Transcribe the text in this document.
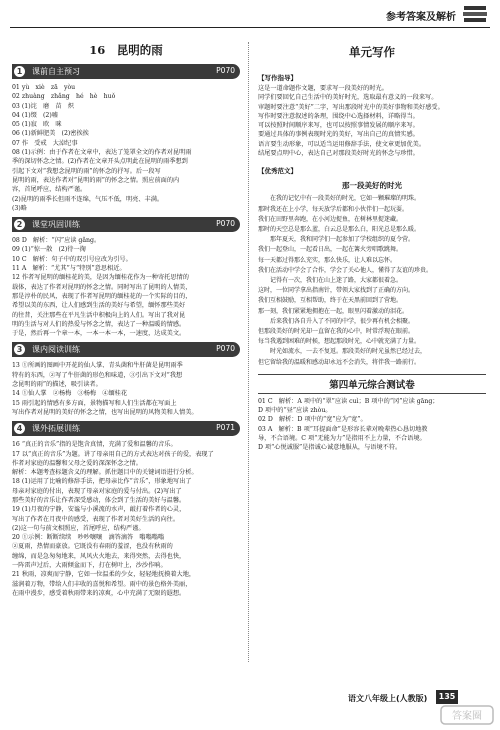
参考答案及解析
16　昆明的雨
1	课前自主预习	P070

01 yù　xiè　zā　yòu

02 zhuàng　zhǎng　hé　hè　huǒ

03 (1)诧　磨　苗　炽

04 (1)缀　(2)嘘

05 (1)寂　欧　咪

06 (1)新鲜肥美　(2)密挨挨

07 作　受戒　大淖纪事

08 (1)示例：由于作者在文章中，表达了笼罩全文的作者对昆明雨

季的深切怀念之情。(2)作者在文章开头点明此在昆明的雨季想到

引起下文对“我想念昆明的雨”的怀念的抒写。后一段写

昆明的雨，表达作者对“昆明的雨”的怀念之情。照应前面的内

容，首尾呼应，结构严谨。

(2)昆明的雨季长但雨不连绵，气压不低，明亮、丰满。

(3)略

2	课堂巩固训练	P070

08 D　解析：“闪”应读 gǎng。

09 (1)“惊一散　(2)待一掬

10 C　解析：句子中的双引号应改为引号。

11 A　解析：“尤其”与“特别”意思相近。

12 作者写昆明的缅桂花的美，是因为缅桂花作为一种寄托思情的

载体，表达了作者对昆明的怀念之情。同时写出了昆明的人情美，

那是淳朴的民风，表现了作者写昆明的缅桂花的一个实际的目的，

希望以美的东西，让人们感到生活的美好与希望，缅怀那些美好

的往昔，关注那些在平凡生活中积极向上的人们。写出了我对昆

明的生活与对人们的热爱与怀念之情，表达了一种温暖的情感。

于是，然后再一个章一本，一本一本一本，一速度，达成美文。

3	课内阅读训练	P070

13 ①所画的图画中开花的仙人掌、青头菌和牛肝菌是昆明雨季

特有的东西，②写了牛肝菌的形色和味道，③引出下文对“我想

念昆明的雨”的描述，吸引读者。

14 ①仙人掌　②杨梅　③杨梅　④缅桂花

15 雨引起的情感有多方面，景物描写和人们生活都在写面上

写出作者对昆明的美好的怀念之情，也写出昆明的风物美和人情美。

4	课外拓展训练	P071

16 “真正的音乐”指的是饱含真情，充满了爱和温馨的音乐。

17 以“真正的音乐”为题。讲了母亲用自己的方式表达对孩子的爱，表现了

作者对家庭的温馨和父母之爱的深深怀念之情。

解析：本题考查标题含义的理解。抓住题目中的关键词语进行分析。

18 (1)运用了比喻的修辞手法，把母亲比作“音乐”，形象地写出了

母亲对家庭的付出，表现了母亲对家庭的爱与付出。(2)写出了

那些美好的音乐让作者深受感动，体会到了生活的美好与温馨。

19 (1)月夜的宁静，安谧与小溪流的水声，敲打着作者的心灵，

写出了作者在月夜中的感受，表现了作者对美好生活的向往。

(2)这一句与前文相照应，首尾呼应，结构严谨。

20 ①示例：断断续续　吵吵嚷嚷　滴答滴答　嗡嗡嗡嗡

②夏雨，热情而豪放。它既没有春雨的羞涩，也没有秋雨的

缠绵，而是急匆匆地来，风风火火地去，来得突然，去得也快，

一阵雷声过后，大雨倾盆而下，打在树叶上，沙沙作响。

21 秋雨，凉爽而宁静，它如一位温柔的少女，轻轻地抚摸着大地，

滋润着万物，带给人们丰收的喜悦和希望。雨中的景色格外美丽，

在雨中漫步，感受着秋雨带来的凉爽，心中充满了无限的遐想。

单元写作
【写作指导】

这是一道命题作文题，要求写一段美好的时光。

同学们要回忆自己生活中的美好时光，选取最有意义的一段来写。

审题时要注意“美好”二字，写出那段时光中的美好事物和美好感受。

写作时要注意叙述的条理，围绕中心选择材料，详略得当。

可以按照时间顺序来写，也可以按照事情发展的顺序来写。

要通过具体的事例表现时光的美好，写出自己的真情实感。

语言要生动形象，可以适当运用修辞手法，使文章更加优美。

结尾要点明中心，表达自己对那段美好时光的怀念与珍惜。

【优秀范文】
那一段美好的时光

　　在我的记忆中有一段美好的时光，它如一颗璀璨的明珠。

那时我还在上小学，每天放学后都和小伙伴们一起玩耍。

我们在田野里奔跑，在小河边捉鱼，在树林里捉迷藏。

那时的天空总是那么蓝，白云总是那么白，阳光总是那么暖。

　　那年夏天，我和同学们一起参加了学校组织的夏令营。

我们一起登山，一起看日出，一起在篝火旁唱歌跳舞。

每一天都过得那么充实，那么快乐，让人难以忘怀。

我们在活动中学会了合作，学会了关心他人，懂得了友谊的珍贵。

　　记得有一次，我们在山上迷了路，大家都很着急。

这时，一位同学拿出指南针，带领大家找到了正确的方向。

我们互相鼓励，互相帮助，终于在天黑前回到了营地。

那一刻，我们紧紧地拥抱在一起，眼里闪着激动的泪花。

　　后来我们各自升入了不同的中学，很少再有机会相聚。

但那段美好的时光却一直留在我的心中，时常浮现在眼前。

每当我遇到困难的时候，想起那段时光，心中就充满了力量。

　　时光如流水，一去不复返。那段美好的时光虽然已经过去，

但它留给我的温暖和感动却永远不会消失，将伴我一路前行。

第四单元综合测试卷

01 C　解析：A 项中的“翠”应读 cuì；B 项中的“冈”应读 gāng；

D 项中的“昼”应读 zhòu。

02 D　解析：D 项中的“宽”应为“宽”。

03 A　解析：B 项“耳提面命”是形容长辈对晚辈热心恳切地教

导，不合语境。C 项“无能为力”是指用不上力量，不合语境。

D 项“心悦诚服”是指诚心诚意地服从，与语境不符。

语文八年级上(人教版)	135
答案圈
